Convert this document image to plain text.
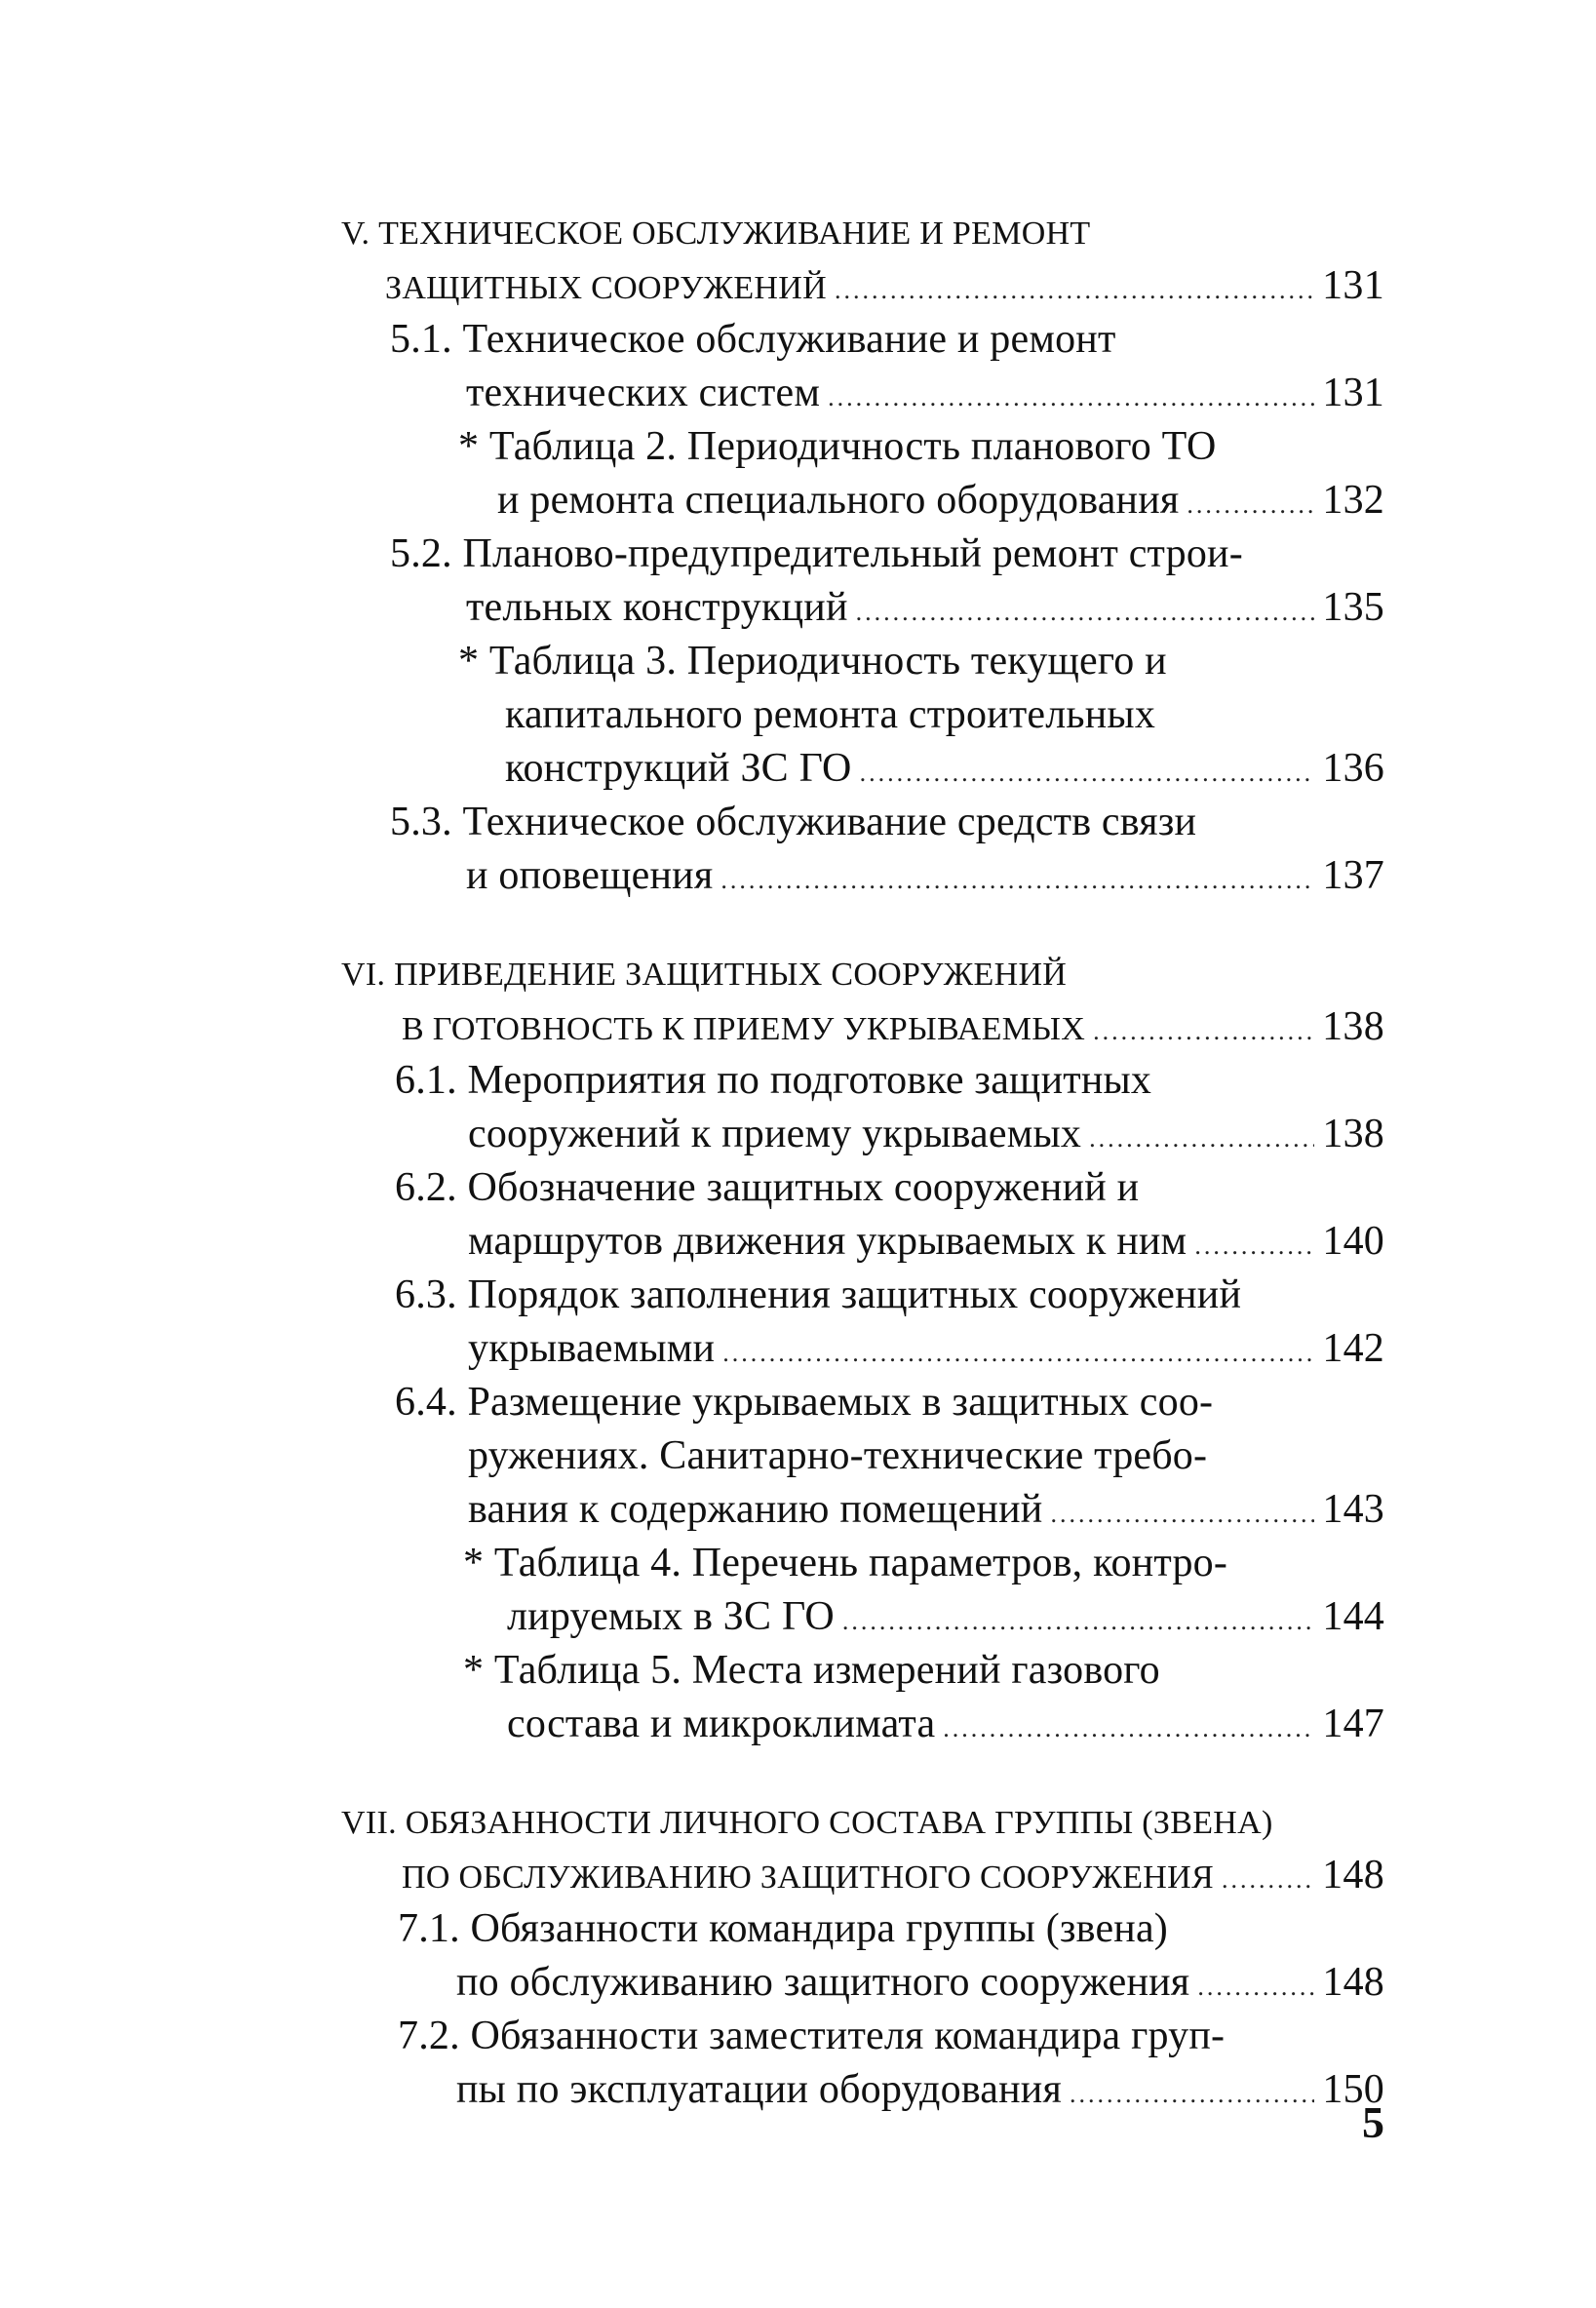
V. ТЕХНИЧЕСКОЕ ОБСЛУЖИВАНИЕ И РЕМОНТ
ЗАЩИТНЫХ СООРУЖЕНИЙ .....	131
5.1. Техническое обслуживание и ремонт
технических систем .....	131
* Таблица 2. Периодичность планового ТО
и ремонта специального оборудования .....	132
5.2. Планово-предупредительный ремонт строи-
тельных конструкций .....	135
* Таблица 3. Периодичность текущего и
капитального ремонта строительных
конструкций ЗС ГО .....	136
5.3. Техническое обслуживание средств связи
и оповещения .....	137
VI. ПРИВЕДЕНИЕ ЗАЩИТНЫХ СООРУЖЕНИЙ
В ГОТОВНОСТЬ К ПРИЕМУ УКРЫВАЕМЫХ .....	138
6.1. Мероприятия по подготовке защитных
сооружений к приему укрываемых .....	138
6.2. Обозначение защитных сооружений и
маршрутов движения укрываемых к ним .....	140
6.3. Порядок заполнения защитных сооружений
укрываемыми .....	142
6.4. Размещение укрываемых в защитных соо-
ружениях. Санитарно-технические требо-
вания к содержанию помещений .....	143
* Таблица 4. Перечень параметров, контро-
лируемых в ЗС ГО .....	144
* Таблица 5. Места измерений газового
состава и микроклимата .....	147
VII. ОБЯЗАННОСТИ ЛИЧНОГО СОСТАВА ГРУППЫ (ЗВЕНА)
ПО ОБСЛУЖИВАНИЮ ЗАЩИТНОГО СООРУЖЕНИЯ .....	148
7.1. Обязанности командира группы (звена)
по обслуживанию защитного сооружения .....	148
7.2. Обязанности заместителя командира груп-
пы по эксплуатации оборудования .....	150
5
